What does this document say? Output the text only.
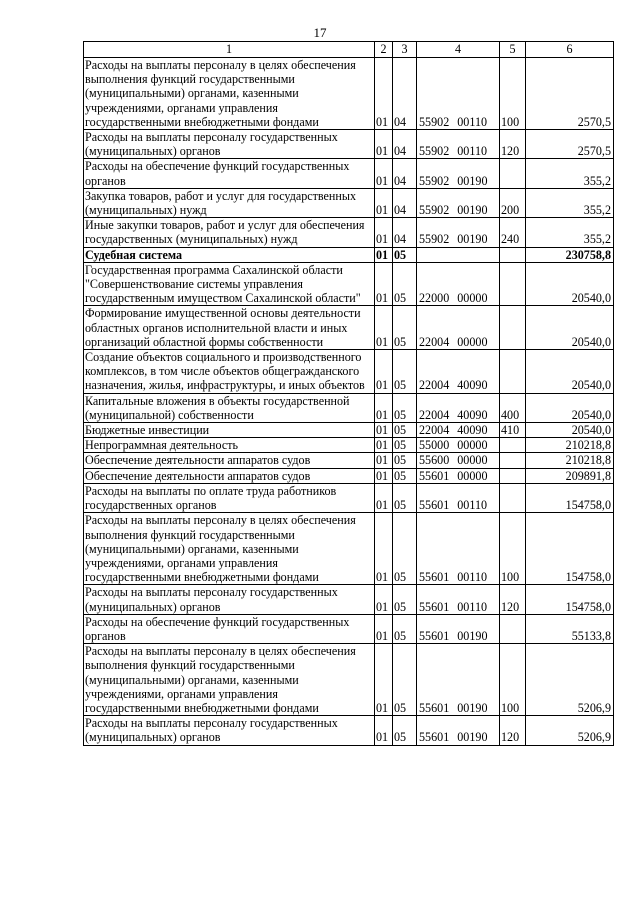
17
1	2	3	4	5	6
Расходы на выплаты персоналу в целях обеспечения выполнения функций государственными (муниципальными) органами, казенными учреждениями, органами управления государственными внебюджетными фондами	01	04	55902 00110	100	2570,5
Расходы на выплаты персоналу государственных (муниципальных) органов	01	04	55902 00110	120	2570,5
Расходы на обеспечение функций государственных органов	01	04	55902 00190		355,2
Закупка товаров, работ и услуг для государственных (муниципальных) нужд	01	04	55902 00190	200	355,2
Иные закупки товаров, работ и услуг для обеспечения государственных (муниципальных) нужд	01	04	55902 00190	240	355,2
Судебная система	01	05			230758,8
Государственная программа Сахалинской области "Совершенствование системы управления государственным имуществом Сахалинской области"	01	05	22000 00000		20540,0
Формирование имущественной основы деятельности областных органов исполнительной власти и иных организаций областной формы собственности	01	05	22004 00000		20540,0
Создание объектов социального и производственного комплексов, в том числе объектов общегражданского назначения, жилья, инфраструктуры, и иных объектов	01	05	22004 40090		20540,0
Капитальные вложения в объекты государственной (муниципальной) собственности	01	05	22004 40090	400	20540,0
Бюджетные инвестиции	01	05	22004 40090	410	20540,0
Непрограммная деятельность	01	05	55000 00000		210218,8
Обеспечение деятельности аппаратов судов	01	05	55600 00000		210218,8
Обеспечение деятельности аппаратов судов	01	05	55601 00000		209891,8
Расходы на выплаты по оплате труда работников государственных органов	01	05	55601 00110		154758,0
Расходы на выплаты персоналу в целях обеспечения выполнения функций государственными (муниципальными) органами, казенными учреждениями, органами управления государственными внебюджетными фондами	01	05	55601 00110	100	154758,0
Расходы на выплаты персоналу государственных (муниципальных) органов	01	05	55601 00110	120	154758,0
Расходы на обеспечение функций государственных органов	01	05	55601 00190		55133,8
Расходы на выплаты персоналу в целях обеспечения выполнения функций государственными (муниципальными) органами, казенными учреждениями, органами управления государственными внебюджетными фондами	01	05	55601 00190	100	5206,9
Расходы на выплаты персоналу государственных (муниципальных) органов	01	05	55601 00190	120	5206,9
